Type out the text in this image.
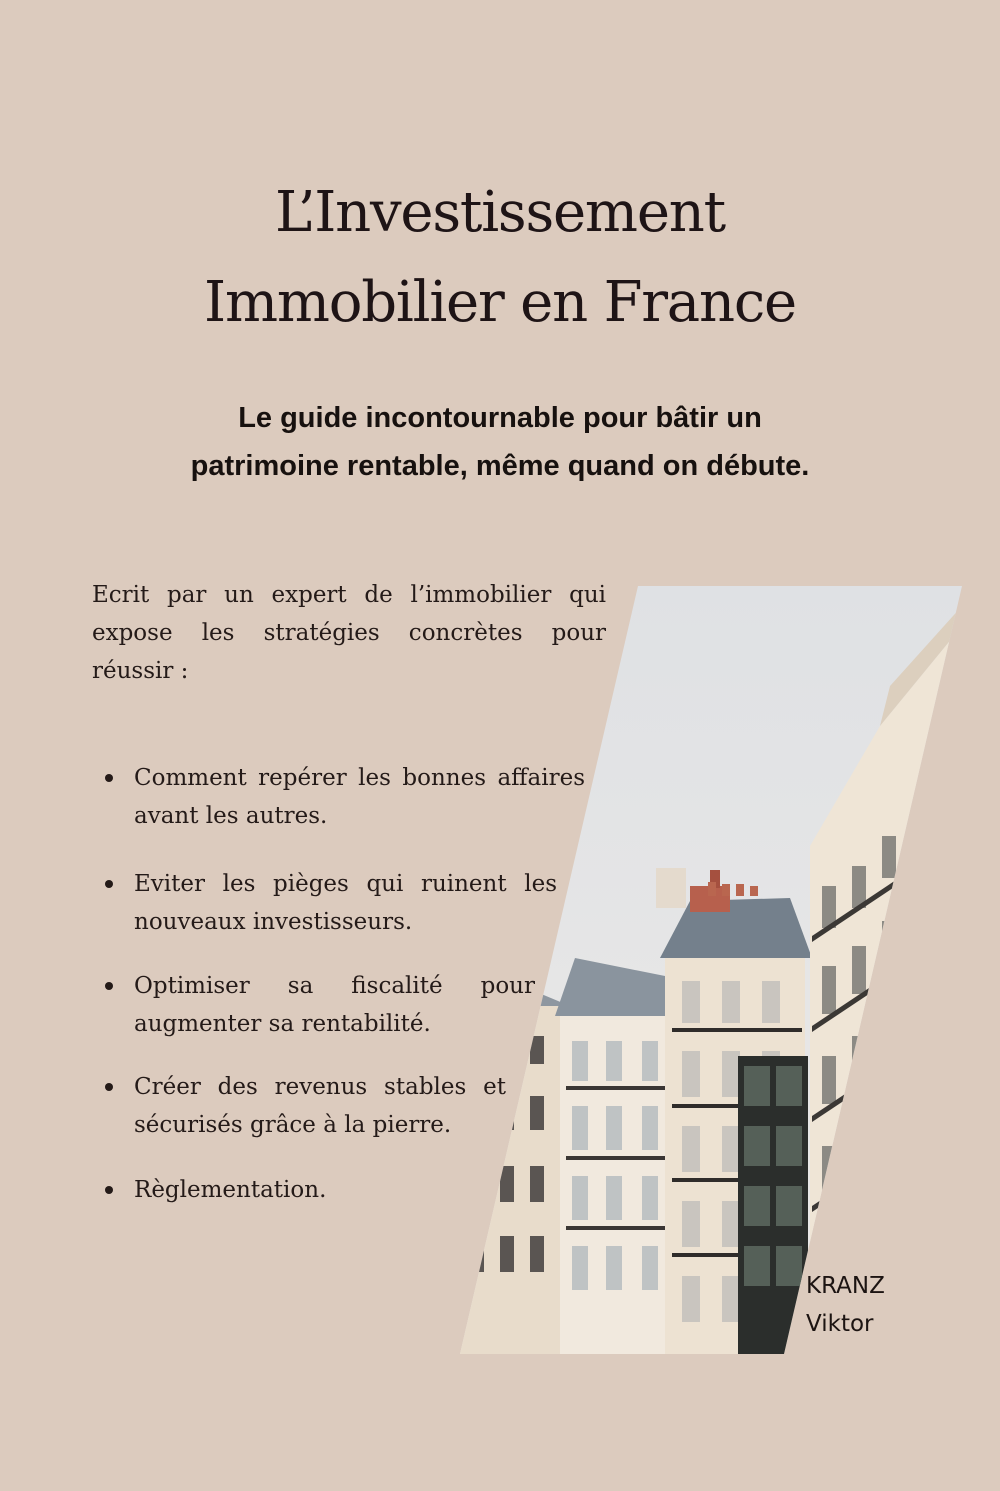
L’Investissement
Immobilier en France
Le guide incontournable pour bâtir un
patrimoine rentable, même quand on débute.

Ecrit par un expert de l’immobilier qui expose les stratégies concrètes pour réussir :

Comment repérer les bonnes affaires avant les autres.
Eviter les pièges qui ruinent les nouveaux investisseurs.
Optimiser sa fiscalité pour augmenter sa rentabilité.
Créer des revenus stables et sécurisés grâce à la pierre.
Règlementation.

KRANZ
Viktor
